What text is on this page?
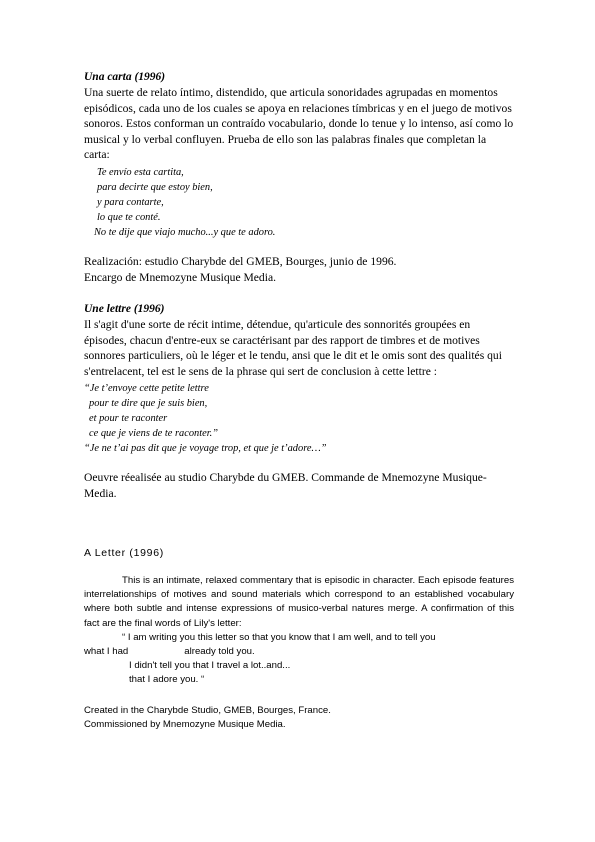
Una carta (1996)

Una suerte de relato íntimo, distendido, que articula sonoridades agrupadas en momentos episódicos, cada uno de los cuales se apoya en relaciones tímbricas y en el juego de motivos sonoros. Estos conforman un contraído vocabulario, donde lo tenue y lo intenso, así como lo musical y lo verbal confluyen. Prueba de ello son las palabras finales que completan la carta:

Te envío esta cartita,
para decirte que estoy bien,
y para contarte,
lo que te conté.
No te dije que viajo mucho...y que te adoro.

Realización: estudio Charybde del GMEB, Bourges, junio de 1996.

Encargo de Mnemozyne Musique Media.

Une lettre (1996)

Il s'agit d'une sorte de récit intime, détendue, qu'articule des sonnorités groupées en épisodes, chacun d'entre-eux se caractérisant par des rapport de timbres et de motives sonnores particuliers, où le léger et le tendu, ansi que le dit et le omis sont des qualités qui s'entrelacent, tel est le sens de la phrase qui sert de conclusion à cette lettre :

“Je t’envoye cette petite lettre
pour te dire que je suis bien,
et pour te raconter
ce que je viens de te raconter.”
“Je ne t’ai pas dit que je voyage trop, et que je t’adore…”

Oeuvre réealisée au studio Charybde du GMEB. Commande de Mnemozyne Musique-Media.

A Letter (1996)

This is an intimate, relaxed commentary that is episodic in character. Each episode features interrelationships of motives and sound materials which correspond to an established vocabulary where both subtle and intense expressions of musico-verbal natures merge. A confirmation of this fact are the final words of Lily's letter:

“ I am writing you this letter so that you know that I am well, and to tell you

what I had	already told you.

I didn't tell you that I travel a lot..and...

that I adore you. “

Created in the Charybde Studio, GMEB, Bourges, France.

Commissioned by Mnemozyne Musique Media.
